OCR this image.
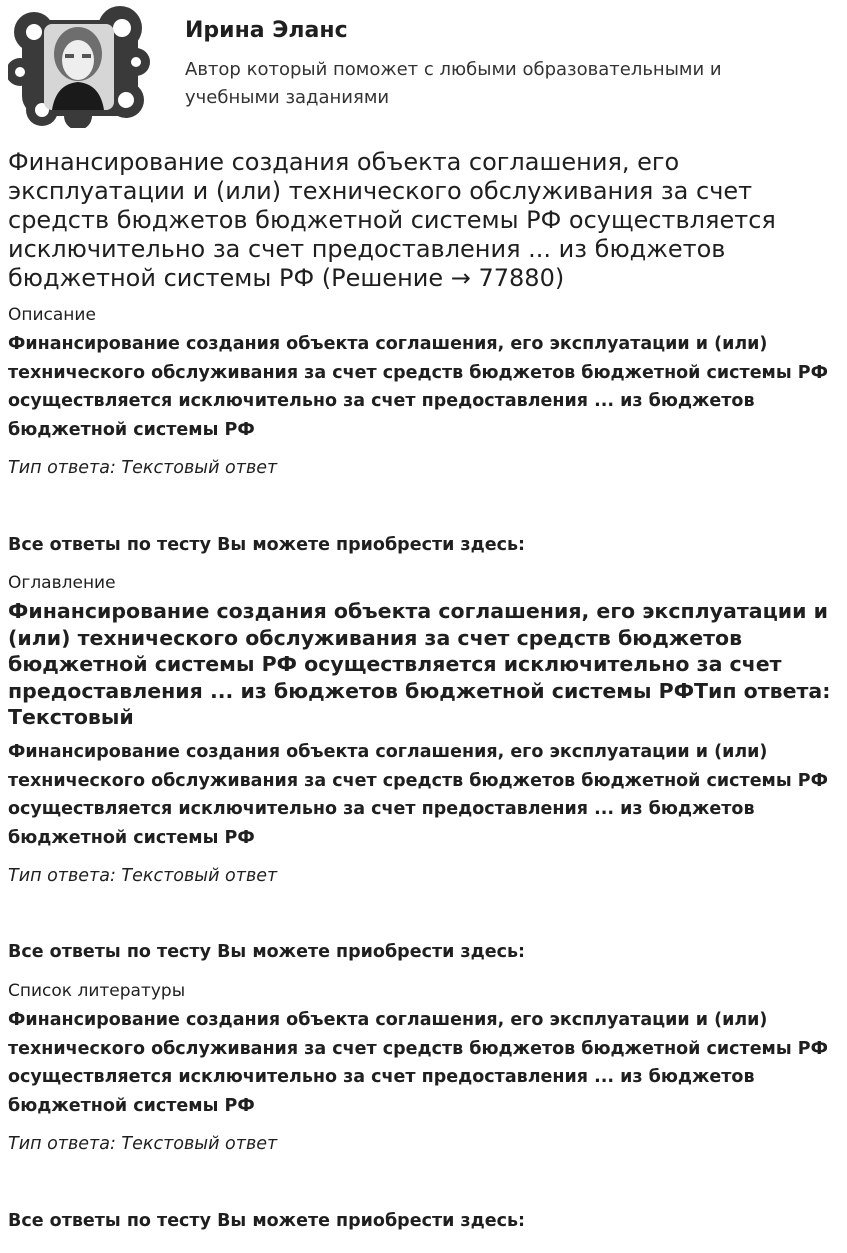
Ирина Эланс

Автор который поможет с любыми образовательными и учебными заданиями

Финансирование создания объекта соглашения, его эксплуатации и (или) технического обслуживания за счет средств бюджетов бюджетной системы РФ осуществляется исключительно за счет предоставления ... из бюджетов бюджетной системы РФ (Решение → 77880)

Описание

Финансирование создания объекта соглашения, его эксплуатации и (или) технического обслуживания за счет средств бюджетов бюджетной системы РФ осуществляется исключительно за счет предоставления ... из бюджетов бюджетной системы РФ

Тип ответа: Текстовый ответ

Все ответы по тесту Вы можете приобрести здесь:

Оглавление

Финансирование создания объекта соглашения, его эксплуатации и (или) технического обслуживания за счет средств бюджетов бюджетной системы РФ осуществляется исключительно за счет предоставления ... из бюджетов бюджетной системы РФТип ответа: Текстовый

Финансирование создания объекта соглашения, его эксплуатации и (или) технического обслуживания за счет средств бюджетов бюджетной системы РФ осуществляется исключительно за счет предоставления ... из бюджетов бюджетной системы РФ

Тип ответа: Текстовый ответ

Все ответы по тесту Вы можете приобрести здесь:

Список литературы

Финансирование создания объекта соглашения, его эксплуатации и (или) технического обслуживания за счет средств бюджетов бюджетной системы РФ осуществляется исключительно за счет предоставления ... из бюджетов бюджетной системы РФ

Тип ответа: Текстовый ответ

Все ответы по тесту Вы можете приобрести здесь:
